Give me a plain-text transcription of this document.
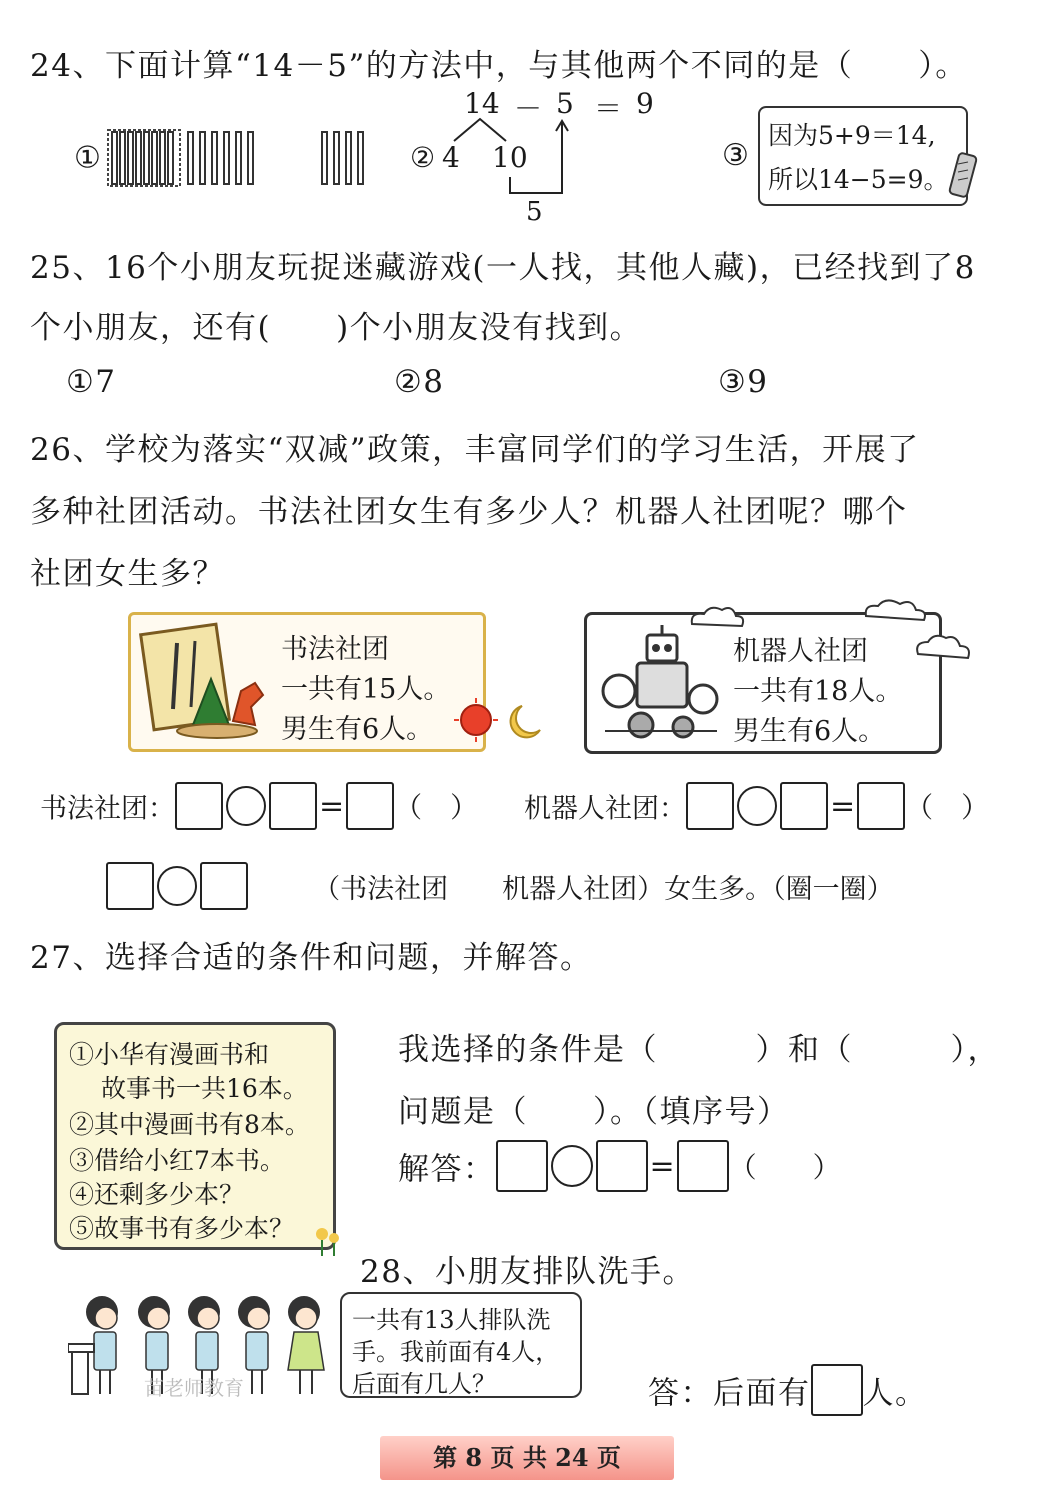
24、下面计算“14－5”的方法中，与其他两个不同的是（　　）。
①	②
14 － 5 ＝ 9
4 10
5
③
因为5+9＝14,
所以14−5=9。
25、16个小朋友玩捉迷藏游戏(一人找，其他人藏)，已经找到了8
个小朋友，还有(　　)个小朋友没有找到。
①7	②8	③9
26、学校为落实“双减”政策，丰富同学们的学习生活，开展了
多种社团活动。书法社团女生有多少人？机器人社团呢？哪个
社团女生多？
书法社团
一共有15人。
男生有6人。
机器人社团
一共有18人。
男生有6人。
书法社团：	= （　） 机器人社团：	= （　）
（书法社团　　机器人社团）女生多。（圈一圈）
27、选择合适的条件和问题，并解答。
①小华有漫画书和
故事书一共16本。
②其中漫画书有8本。
③借给小红7本书。
④还剩多少本？
⑤故事书有多少本？
我选择的条件是（　　　）和（　　　），
问题是（　　）。（填序号）
解答：	= （　　）
28、小朋友排队洗手。
苗老师教育
一共有13人排队洗
手。我前面有4人，
后面有几人？	答：后面有 人。
第 8 页 共 24 页
